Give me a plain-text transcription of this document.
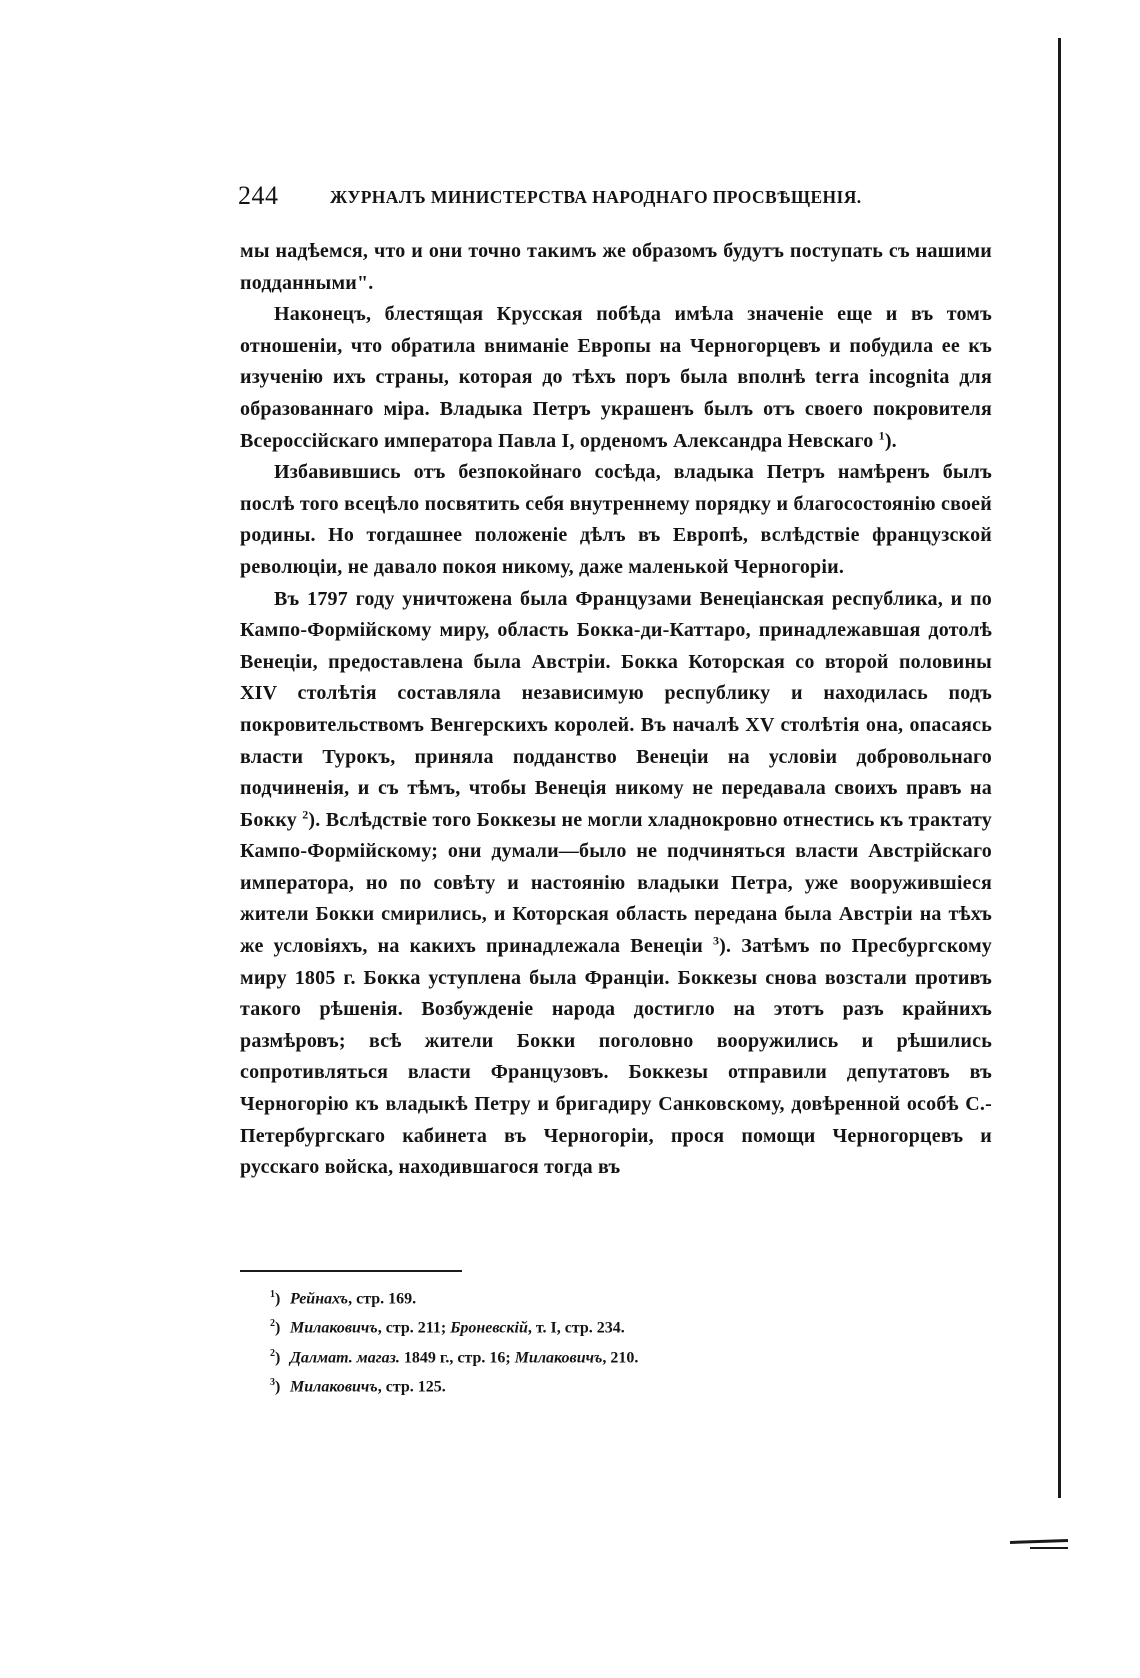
244	ЖУРНАЛЪ МИНИСТЕРСТВА НАРОДНАГО ПРОСВѢЩЕНІЯ.

мы надѣемся, что и они точно такимъ же образомъ будутъ поступать съ нашими подданными".

Наконецъ, блестящая Крусская побѣда имѣла значеніе еще и въ томъ отношеніи, что обратила вниманіе Европы на Черногорцевъ и побудила ее къ изученію ихъ страны, которая до тѣхъ поръ была вполнѣ terra incognita для образованнаго міра. Владыка Петръ украшенъ былъ отъ своего покровителя Всероссійскаго императора Павла I, орденомъ Александра Невскаго $^1$).

Избавившись отъ безпокойнаго сосѣда, владыка Петръ намѣренъ былъ послѣ того всецѣло посвятить себя внутреннему порядку и благосостоянію своей родины. Но тогдашнее положеніе дѣлъ въ Европѣ, вслѣдствіе французской революціи, не давало покоя никому, даже маленькой Черногоріи.

Въ 1797 году уничтожена была Французами Венеціанская республика, и по Кампо-Формійскому миру, область Бокка-ди-Каттаро, принадлежавшая дотолѣ Венеціи, предоставлена была Австріи. Бокка Которская со второй половины XIV столѣтія составляла независимую республику и находилась подъ покровительствомъ Венгерскихъ королей. Въ началѣ XV столѣтія она, опасаясь власти Турокъ, приняла подданство Венеціи на условіи добровольнаго подчиненія, и съ тѣмъ, чтобы Венеція никому не передавала своихъ правъ на Бокку $^2$). Вслѣдствіе того Боккезы не могли хладнокровно отнестись къ трактату Кампо-Формійскому; они думали—было не подчиняться власти Австрійскаго императора, но по совѣту и настоянію владыки Петра, уже вооружившіеся жители Бокки смирились, и Которская область передана была Австріи на тѣхъ же условіяхъ, на какихъ принадлежала Венеціи $^3$). Затѣмъ по Пресбургскому миру 1805 г. Бокка уступлена была Франціи. Боккезы снова возстали противъ такого рѣшенія. Возбужденіе народа достигло на этотъ разъ крайнихъ размѣровъ; всѣ жители Бокки поголовно вооружились и рѣшились сопротивляться власти Французовъ. Боккезы отправили депутатовъ въ Черногорію къ владыкѣ Петру и бригадиру Санковскому, довѣренной особѣ С.-Петербургскаго кабинета въ Черногоріи, прося помощи Черногорцевъ и русскаго войска, находившагося тогда въ

$^1$) Рейнахъ, стр. 169.
$^2$) Милаковичъ, стр. 211; Броневскій, т. I, стр. 234.
$^2$) Далмат. магаз. 1849 г., стр. 16; Милаковичъ, 210.
$^3$) Милаковичъ, стр. 125.
